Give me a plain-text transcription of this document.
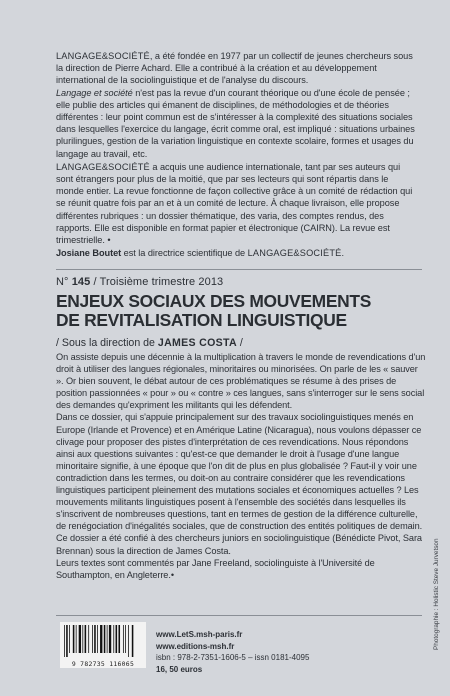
LANGAGE&SOCIÉTÉ, a été fondée en 1977 par un collectif de jeunes chercheurs sous la direction de Pierre Achard. Elle a contribué à la création et au développement international de la sociolinguistique et de l'analyse du discours.
Langage et société n'est pas la revue d'un courant théorique ou d'une école de pensée ; elle publie des articles qui émanent de disciplines, de méthodologies et de théories différentes : leur point commun est de s'intéresser à la complexité des situations sociales dans lesquelles l'exercice du langage, écrit comme oral, est impliqué : situations urbaines plurilingues, gestion de la variation linguistique en contexte scolaire, formes et usages du langage au travail, etc.

LANGAGE&SOCIÉTÉ a acquis une audience internationale, tant par ses auteurs qui sont étrangers pour plus de la moitié, que par ses lecteurs qui sont répartis dans le monde entier. La revue fonctionne de façon collective grâce à un comité de rédaction qui se réunit quatre fois par an et à un comité de lecture. À chaque livraison, elle propose différentes rubriques : un dossier thématique, des varia, des comptes rendus, des rapports. Elle est disponible en format papier et électronique (CAIRN). La revue est trimestrielle. •

Josiane Boutet est la directrice scientifique de LANGAGE&SOCIÉTÉ.

N° 145 / Troisième trimestre 2013
ENJEUX SOCIAUX DES MOUVEMENTS
DE REVITALISATION LINGUISTIQUE
/ Sous la direction de JAMES COSTA /

On assiste depuis une décennie à la multiplication à travers le monde de revendications d'un droit à utiliser des langues régionales, minoritaires ou minorisées. On parle de les « sauver ». Or bien souvent, le débat autour de ces problématiques se résume à des prises de position passionnées « pour » ou « contre » ces langues, sans s'interroger sur le sens social des demandes qu'expriment les militants qui les défendent.

Dans ce dossier, qui s'appuie principalement sur des travaux sociolinguistiques menés en Europe (Irlande et Provence) et en Amérique Latine (Nicaragua), nous voulons dépasser ce clivage pour proposer des pistes d'interprétation de ces revendications. Nous répondons ainsi aux questions suivantes : qu'est-ce que demander le droit à l'usage d'une langue minoritaire signifie, à une époque que l'on dit de plus en plus globalisée ? Faut-il y voir une contradiction dans les termes, ou doit-on au contraire considérer que les revendications linguistiques participent pleinement des mutations sociales et économiques actuelles ? Les mouvements militants linguistiques posent à l'ensemble des sociétés dans lesquelles ils s'inscrivent de nombreuses questions, tant en termes de gestion de la différence culturelle, de renégociation d'inégalités sociales, que de construction des entités politiques de demain.

Ce dossier a été confié à des chercheurs juniors en sociolinguistique (Bénédicte Pivot, Sara Brennan) sous la direction de James Costa.

Leurs textes sont commentés par Jane Freeland, sociolinguiste à l'Université de Southampton, en Angleterre.•

9 782735 116065
www.LetS.msh-paris.fr
www.editions-msh.fr
isbn : 978-2-7351-1606-5 – issn 0181-4095
16, 50 euros
Photographie : Holistic Steve Jurvetson
